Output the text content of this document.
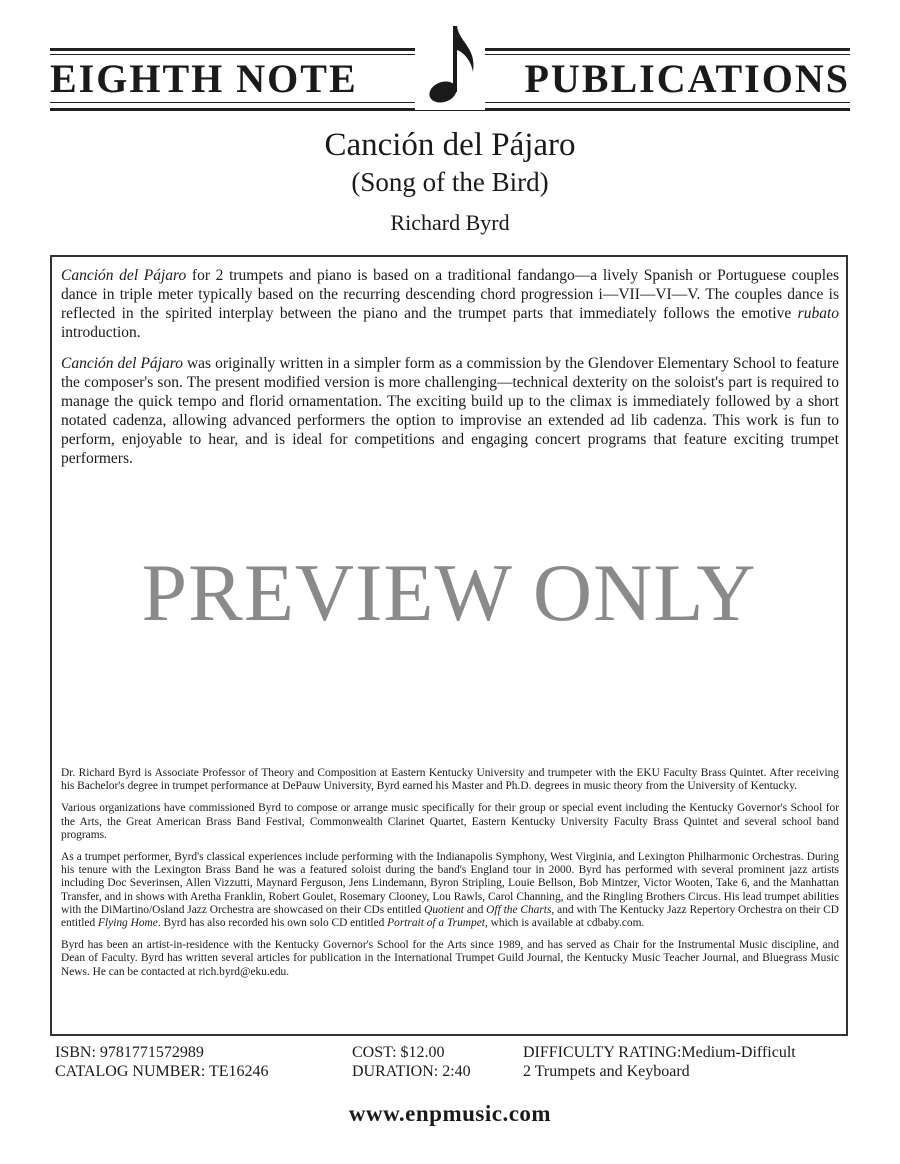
EIGHTH NOTE	PUBLICATIONS
Canción del Pájaro
(Song of the Bird)
Richard Byrd

Canción del Pájaro for 2 trumpets and piano is based on a traditional fandango—a lively Spanish or Portuguese couples dance in triple meter typically based on the recurring descending chord progression i—VII—VI—V. The couples dance is reflected in the spirited interplay between the piano and the trumpet parts that immediately follows the emotive rubato introduction.

Canción del Pájaro was originally written in a simpler form as a commission by the Glendover Elementary School to feature the composer's son. The present modified version is more challenging—technical dexterity on the soloist's part is required to manage the quick tempo and florid ornamentation. The exciting build up to the climax is immediately followed by a short notated cadenza, allowing advanced performers the option to improvise an extended ad lib cadenza. This work is fun to perform, enjoyable to hear, and is ideal for competitions and engaging concert programs that feature exciting trumpet performers.

PREVIEW ONLY

Dr. Richard Byrd is Associate Professor of Theory and Composition at Eastern Kentucky University and trumpeter with the EKU Faculty Brass Quintet. After receiving his Bachelor's degree in trumpet performance at DePauw University, Byrd earned his Master and Ph.D. degrees in music theory from the University of Kentucky.

Various organizations have commissioned Byrd to compose or arrange music specifically for their group or special event including the Kentucky Governor's School for the Arts, the Great American Brass Band Festival, Commonwealth Clarinet Quartet, Eastern Kentucky University Faculty Brass Quintet and several school band programs.

As a trumpet performer, Byrd's classical experiences include performing with the Indianapolis Symphony, West Virginia, and Lexington Philharmonic Orchestras. During his tenure with the Lexington Brass Band he was a featured soloist during the band's England tour in 2000. Byrd has performed with several prominent jazz artists including Doc Severinsen, Allen Vizzutti, Maynard Ferguson, Jens Lindemann, Byron Stripling, Louie Bellson, Bob Mintzer, Victor Wooten, Take 6, and the Manhattan Transfer, and in shows with Aretha Franklin, Robert Goulet, Rosemary Clooney, Lou Rawls, Carol Channing, and the Ringling Brothers Circus. His lead trumpet abilities with the DiMartino/Osland Jazz Orchestra are showcased on their CDs entitled Quotient and Off the Charts, and with The Kentucky Jazz Repertory Orchestra on their CD entitled Flying Home. Byrd has also recorded his own solo CD entitled Portrait of a Trumpet, which is available at cdbaby.com.

Byrd has been an artist-in-residence with the Kentucky Governor's School for the Arts since 1989, and has served as Chair for the Instrumental Music discipline, and Dean of Faculty. Byrd has written several articles for publication in the International Trumpet Guild Journal, the Kentucky Music Teacher Journal, and Bluegrass Music News. He can be contacted at rich.byrd@eku.edu.

ISBN: 9781771572989
CATALOG NUMBER: TE16246
COST: $12.00
DURATION: 2:40
DIFFICULTY RATING:Medium-Difficult
2 Trumpets and Keyboard
www.enpmusic.com
